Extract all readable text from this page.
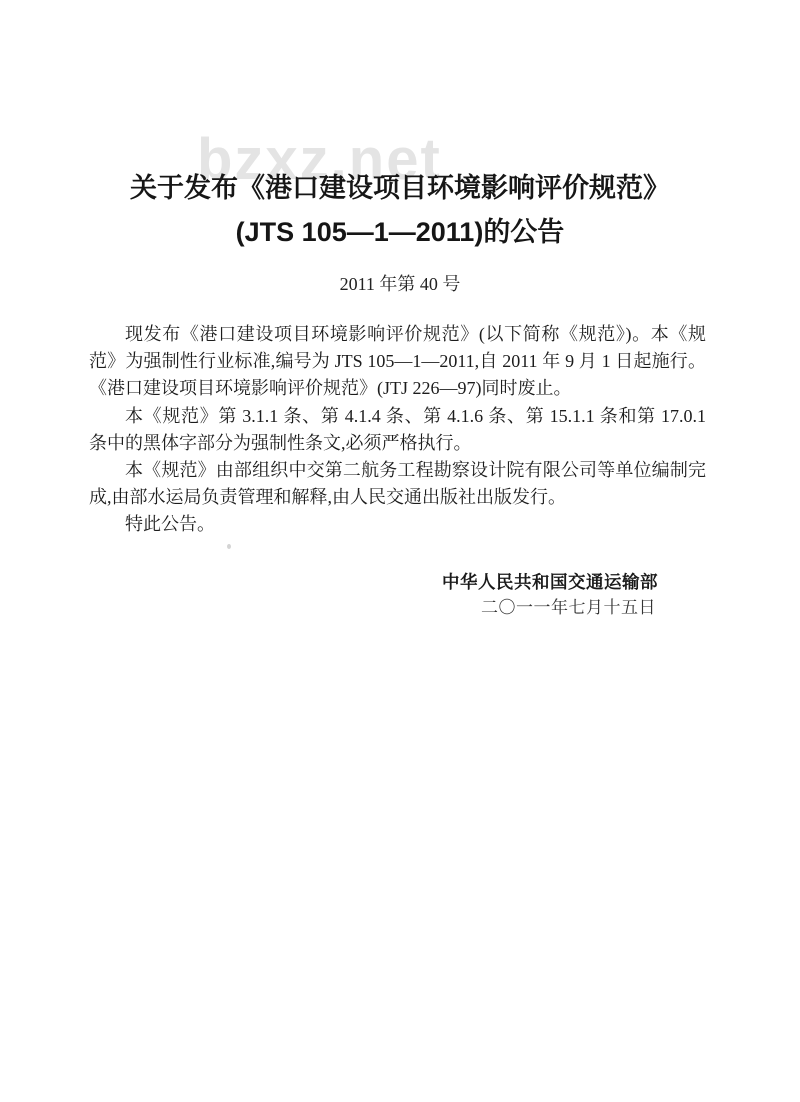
bzxz.net
关于发布《港口建设项目环境影响评价规范》
(JTS 105—1—2011)的公告
2011 年第 40 号

现发布《港口建设项目环境影响评价规范》(以下简称《规范》)。本《规范》为强制性行业标准,编号为 JTS 105—1—2011,自 2011 年 9 月 1 日起施行。《港口建设项目环境影响评价规范》(JTJ 226—97)同时废止。

本《规范》第 3.1.1 条、第 4.1.4 条、第 4.1.6 条、第 15.1.1 条和第 17.0.1 条中的黑体字部分为强制性条文,必须严格执行。

本《规范》由部组织中交第二航务工程勘察设计院有限公司等单位编制完成,由部水运局负责管理和解释,由人民交通出版社出版发行。

特此公告。

中华人民共和国交通运输部
二〇一一年七月十五日
